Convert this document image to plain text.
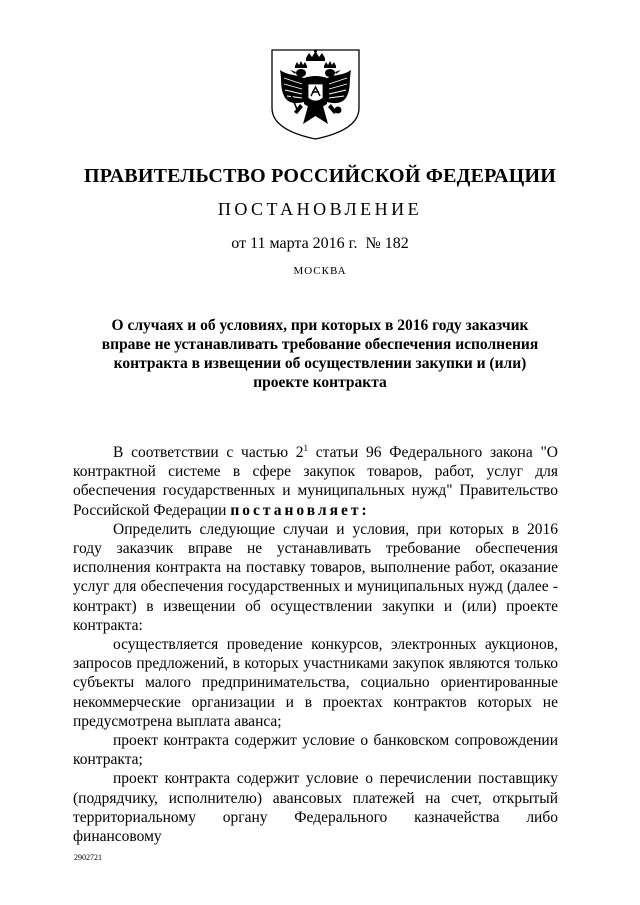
ПРАВИТЕЛЬСТВО РОССИЙСКОЙ ФЕДЕРАЦИИ
ПОСТАНОВЛЕНИЕ
от 11 марта 2016 г. № 182
МОСКВА
О случаях и об условиях, при которых в 2016 году заказчик вправе не устанавливать требование обеспечения исполнения контракта в извещении об осуществлении закупки и (или) проекте контракта

В соответствии с частью $2^1$ статьи 96 Федерального закона "О контрактной системе в сфере закупок товаров, работ, услуг для обеспечения государственных и муниципальных нужд" Правительство Российской Федерации постановляет:

Определить следующие случаи и условия, при которых в 2016 году заказчик вправе не устанавливать требование обеспечения исполнения контракта на поставку товаров, выполнение работ, оказание услуг для обеспечения государственных и муниципальных нужд (далее - контракт) в извещении об осуществлении закупки и (или) проекте контракта:

осуществляется проведение конкурсов, электронных аукционов, запросов предложений, в которых участниками закупок являются только субъекты малого предпринимательства, социально ориентированные некоммерческие организации и в проектах контрактов которых не предусмотрена выплата аванса;

проект контракта содержит условие о банковском сопровождении контракта;

проект контракта содержит условие о перечислении поставщику (подрядчику, исполнителю) авансовых платежей на счет, открытый территориальному органу Федерального казначейства либо финансовому

2902721
